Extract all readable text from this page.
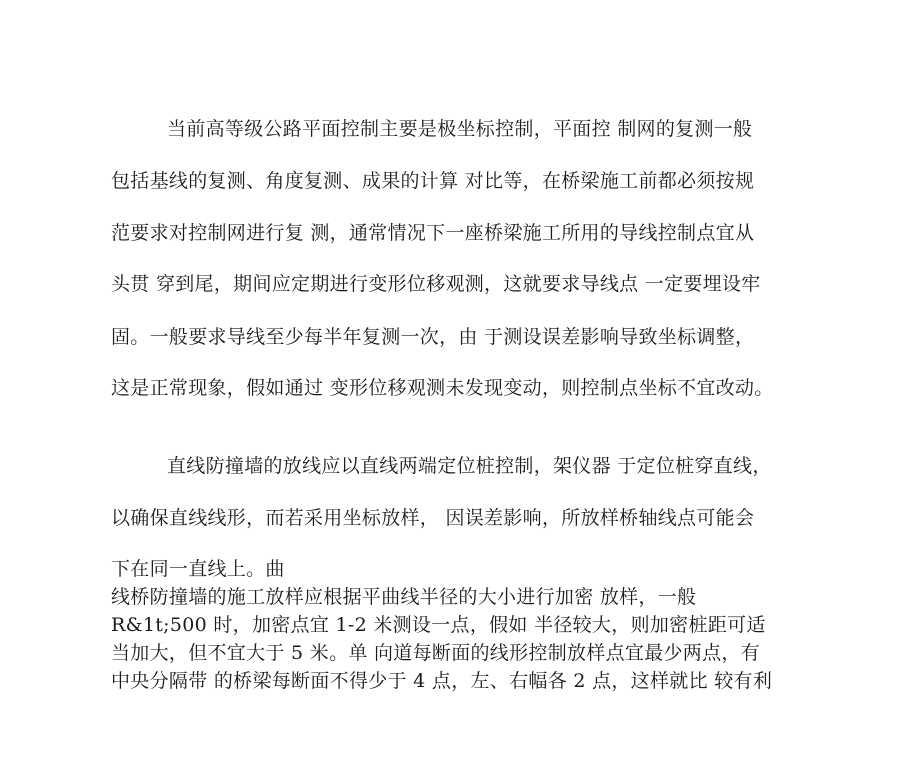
当前高等级公路平面控制主要是极坐标控制，平面控 制网的复测一般
包括基线的复测、角度复测、成果的计算 对比等，在桥梁施工前都必须按规
范要求对控制网进行复 测，通常情况下一座桥梁施工所用的导线控制点宜从
头贯 穿到尾，期间应定期进行变形位移观测，这就要求导线点 一定要埋设牢
固。一般要求导线至少每半年复测一次，由 于测设误差影响导致坐标调整，
这是正常现象，假如通过 变形位移观测未发现变动，则控制点坐标不宜改动。
直线防撞墙的放线应以直线两端定位桩控制，架仪器 于定位桩穿直线，
以确保直线线形，而若采用坐标放样， 因误差影响，所放样桥轴线点可能会
下在同一直线上。曲
线桥防撞墙的施工放样应根据平曲线半径的大小进行加密 放样，一般
R&1t;500 时，加密点宜 1-2 米测设一点，假如 半径较大，则加密桩距可适
当加大，但不宜大于 5 米。单 向道每断面的线形控制放样点宜最少两点，有
中央分隔带 的桥梁每断面不得少于 4 点，左、右幅各 2 点，这样就比 较有利
